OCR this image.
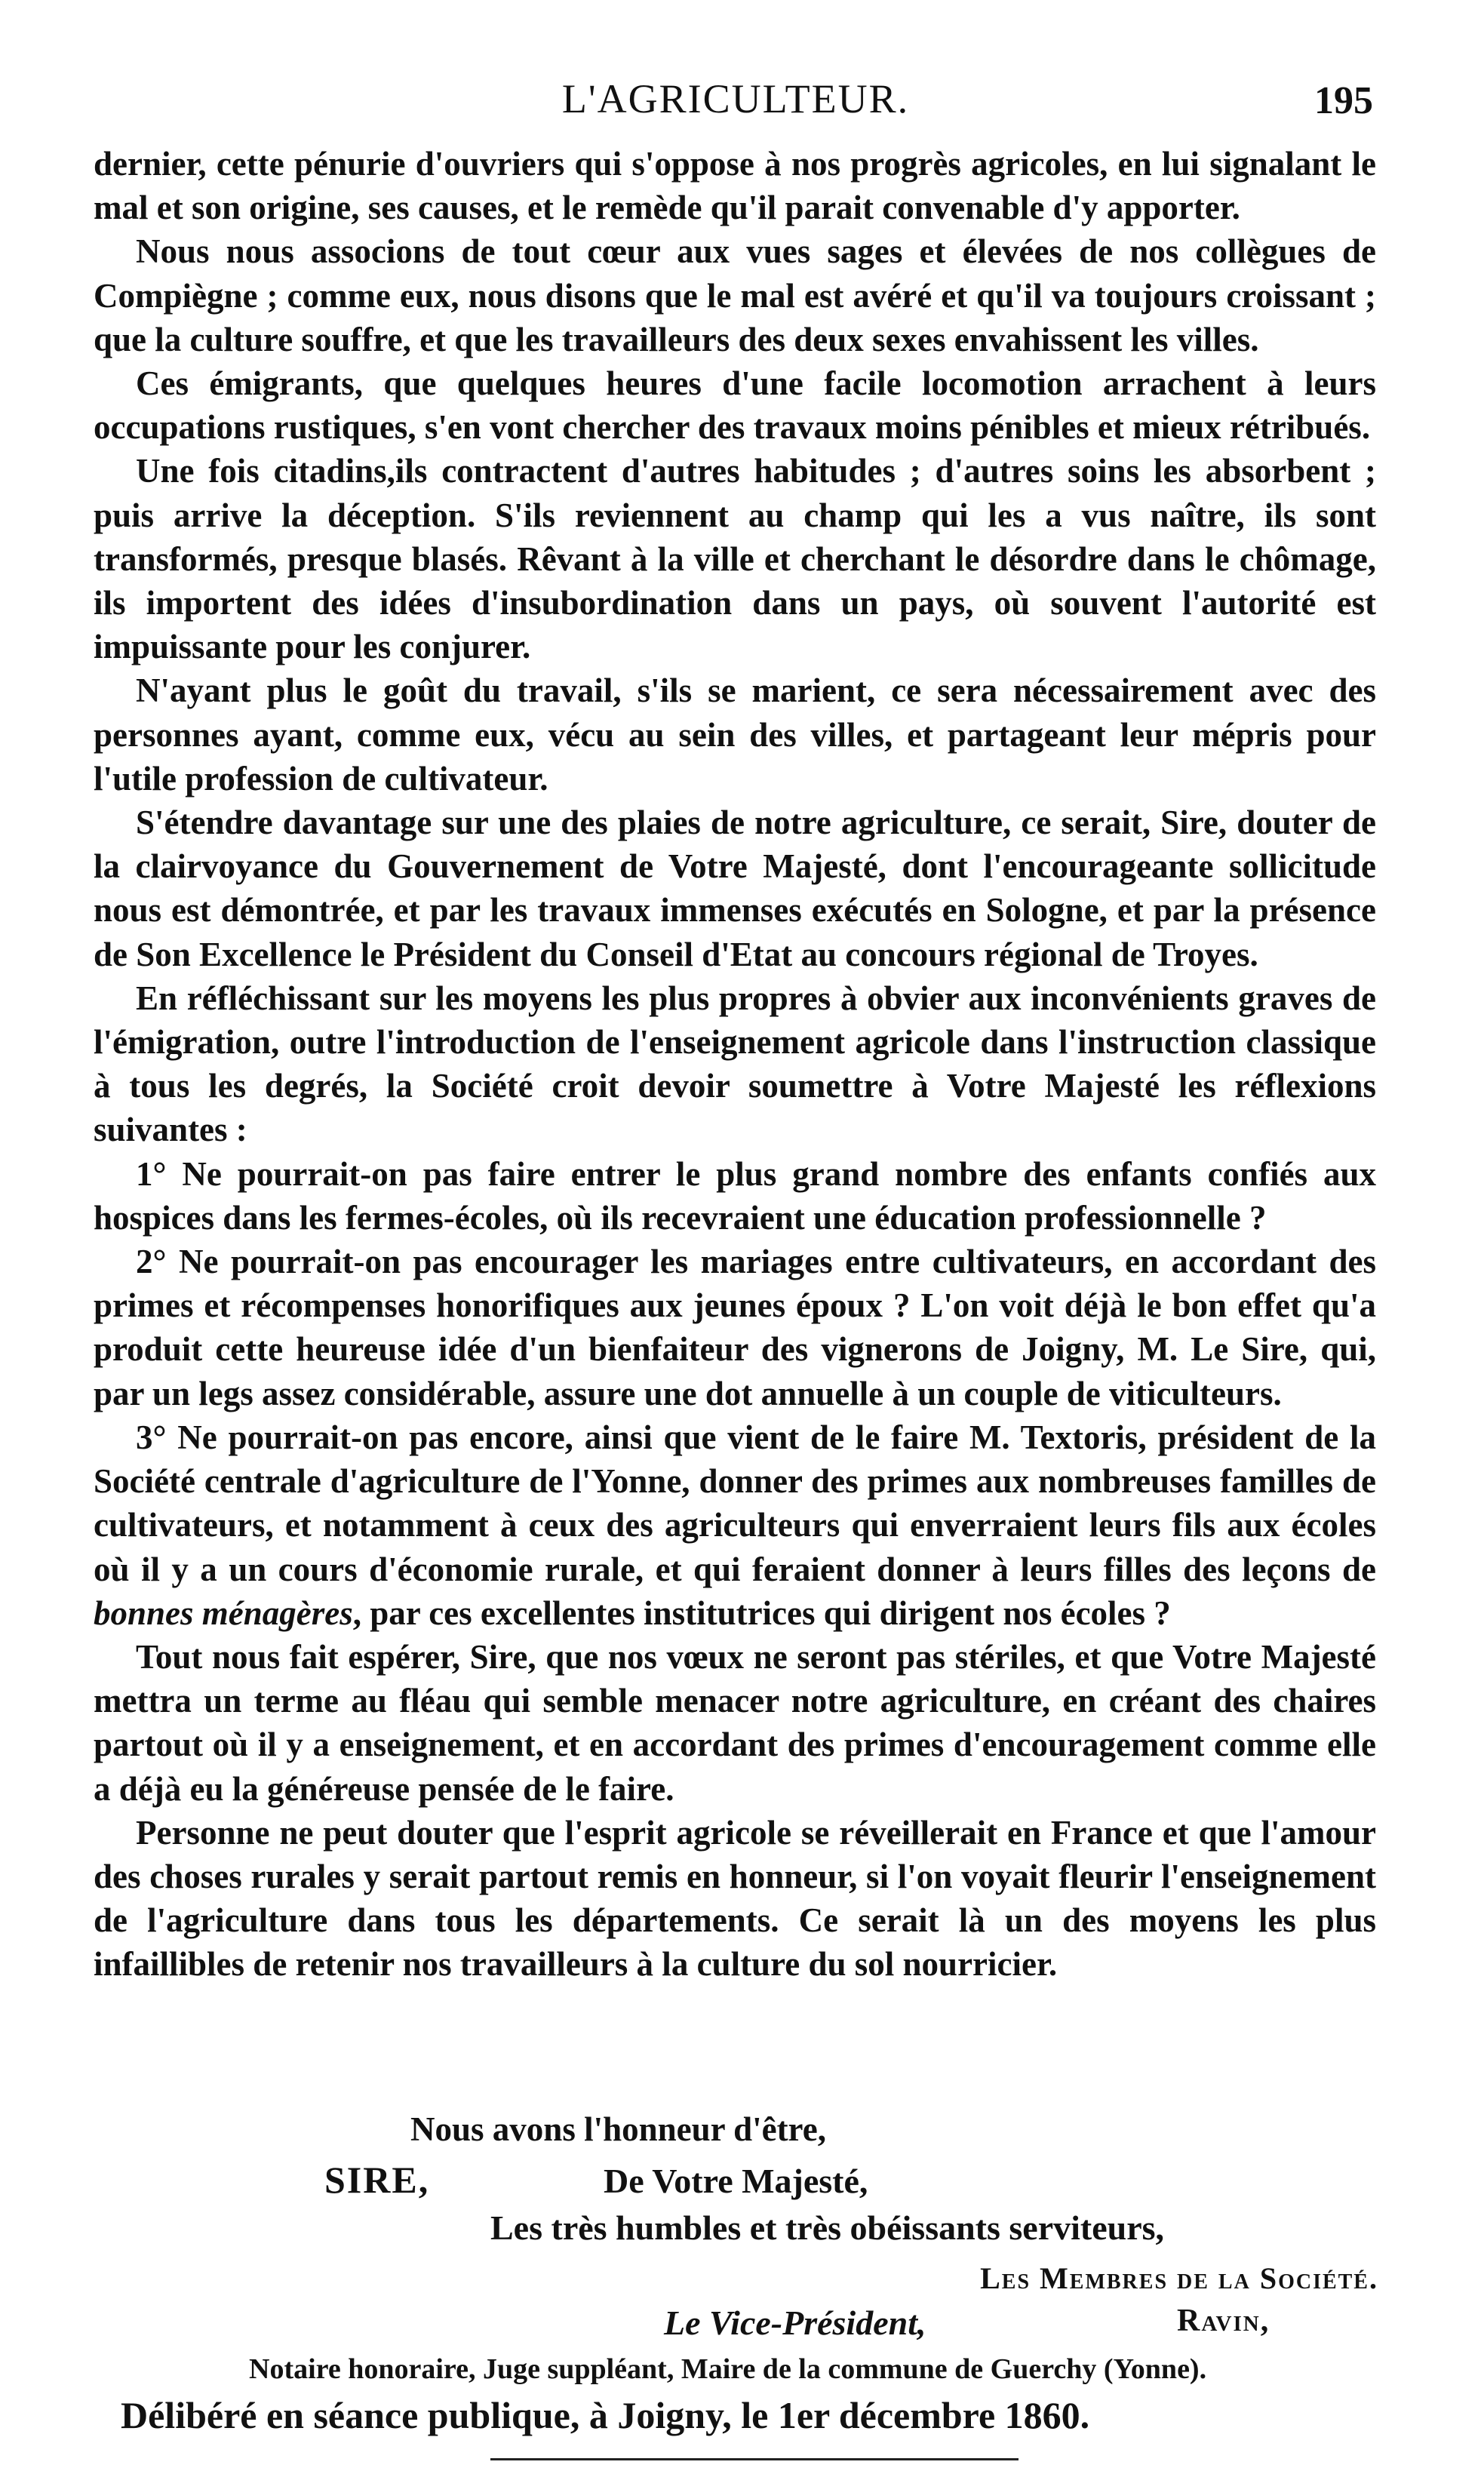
L'AGRICULTEUR.	195

dernier, cette pénurie d'ouvriers qui s'oppose à nos progrès agricoles, en lui signalant le mal et son origine, ses causes, et le remède qu'il parait convenable d'y apporter.

Nous nous associons de tout cœur aux vues sages et élevées de nos collègues de Compiègne ; comme eux, nous disons que le mal est avéré et qu'il va toujours croissant ; que la culture souffre, et que les travailleurs des deux sexes envahissent les villes.

Ces émigrants, que quelques heures d'une facile locomotion arrachent à leurs occupations rustiques, s'en vont chercher des travaux moins pénibles et mieux rétribués.

Une fois citadins,ils contractent d'autres habitudes ; d'autres soins les absorbent ; puis arrive la déception. S'ils reviennent au champ qui les a vus naître, ils sont transformés, presque blasés. Rêvant à la ville et cherchant le désordre dans le chômage, ils importent des idées d'insubordination dans un pays, où souvent l'autorité est impuissante pour les conjurer.

N'ayant plus le goût du travail, s'ils se marient, ce sera nécessairement avec des personnes ayant, comme eux, vécu au sein des villes, et partageant leur mépris pour l'utile profession de cultivateur.

S'étendre davantage sur une des plaies de notre agriculture, ce serait, Sire, douter de la clairvoyance du Gouvernement de Votre Majesté, dont l'encourageante sollicitude nous est démontrée, et par les travaux immenses exécutés en Sologne, et par la présence de Son Excellence le Président du Conseil d'Etat au concours régional de Troyes.

En réfléchissant sur les moyens les plus propres à obvier aux inconvénients graves de l'émigration, outre l'introduction de l'enseignement agricole dans l'instruction classique à tous les degrés, la Société croit devoir soumettre à Votre Majesté les réflexions suivantes :

1° Ne pourrait-on pas faire entrer le plus grand nombre des enfants confiés aux hospices dans les fermes-écoles, où ils recevraient une éducation professionnelle ?

2° Ne pourrait-on pas encourager les mariages entre cultivateurs, en accordant des primes et récompenses honorifiques aux jeunes époux ? L'on voit déjà le bon effet qu'a produit cette heureuse idée d'un bienfaiteur des vignerons de Joigny, M. Le Sire, qui, par un legs assez considérable, assure une dot annuelle à un couple de viticulteurs.

3° Ne pourrait-on pas encore, ainsi que vient de le faire M. Textoris, président de la Société centrale d'agriculture de l'Yonne, donner des primes aux nombreuses familles de cultivateurs, et notamment à ceux des agriculteurs qui enverraient leurs fils aux écoles où il y a un cours d'économie rurale, et qui feraient donner à leurs filles des leçons de bonnes ménagères, par ces excellentes institutrices qui dirigent nos écoles ?

Tout nous fait espérer, Sire, que nos vœux ne seront pas stériles, et que Votre Majesté mettra un terme au fléau qui semble menacer notre agriculture, en créant des chaires partout où il y a enseignement, et en accordant des primes d'encouragement comme elle a déjà eu la généreuse pensée de le faire.

Personne ne peut douter que l'esprit agricole se réveillerait en France et que l'amour des choses rurales y serait partout remis en honneur, si l'on voyait fleurir l'enseignement de l'agriculture dans tous les départements. Ce serait là un des moyens les plus infaillibles de retenir nos travailleurs à la culture du sol nourricier.

Nous avons l'honneur d'être,
SIRE,	De Votre Majesté,
Les très humbles et très obéissants serviteurs,
Les Membres de la Société.
Le Vice-Président,	Ravin,
Notaire honoraire, Juge suppléant, Maire de la commune de Guerchy (Yonne).
Délibéré en séance publique, à Joigny, le 1er décembre 1860.
